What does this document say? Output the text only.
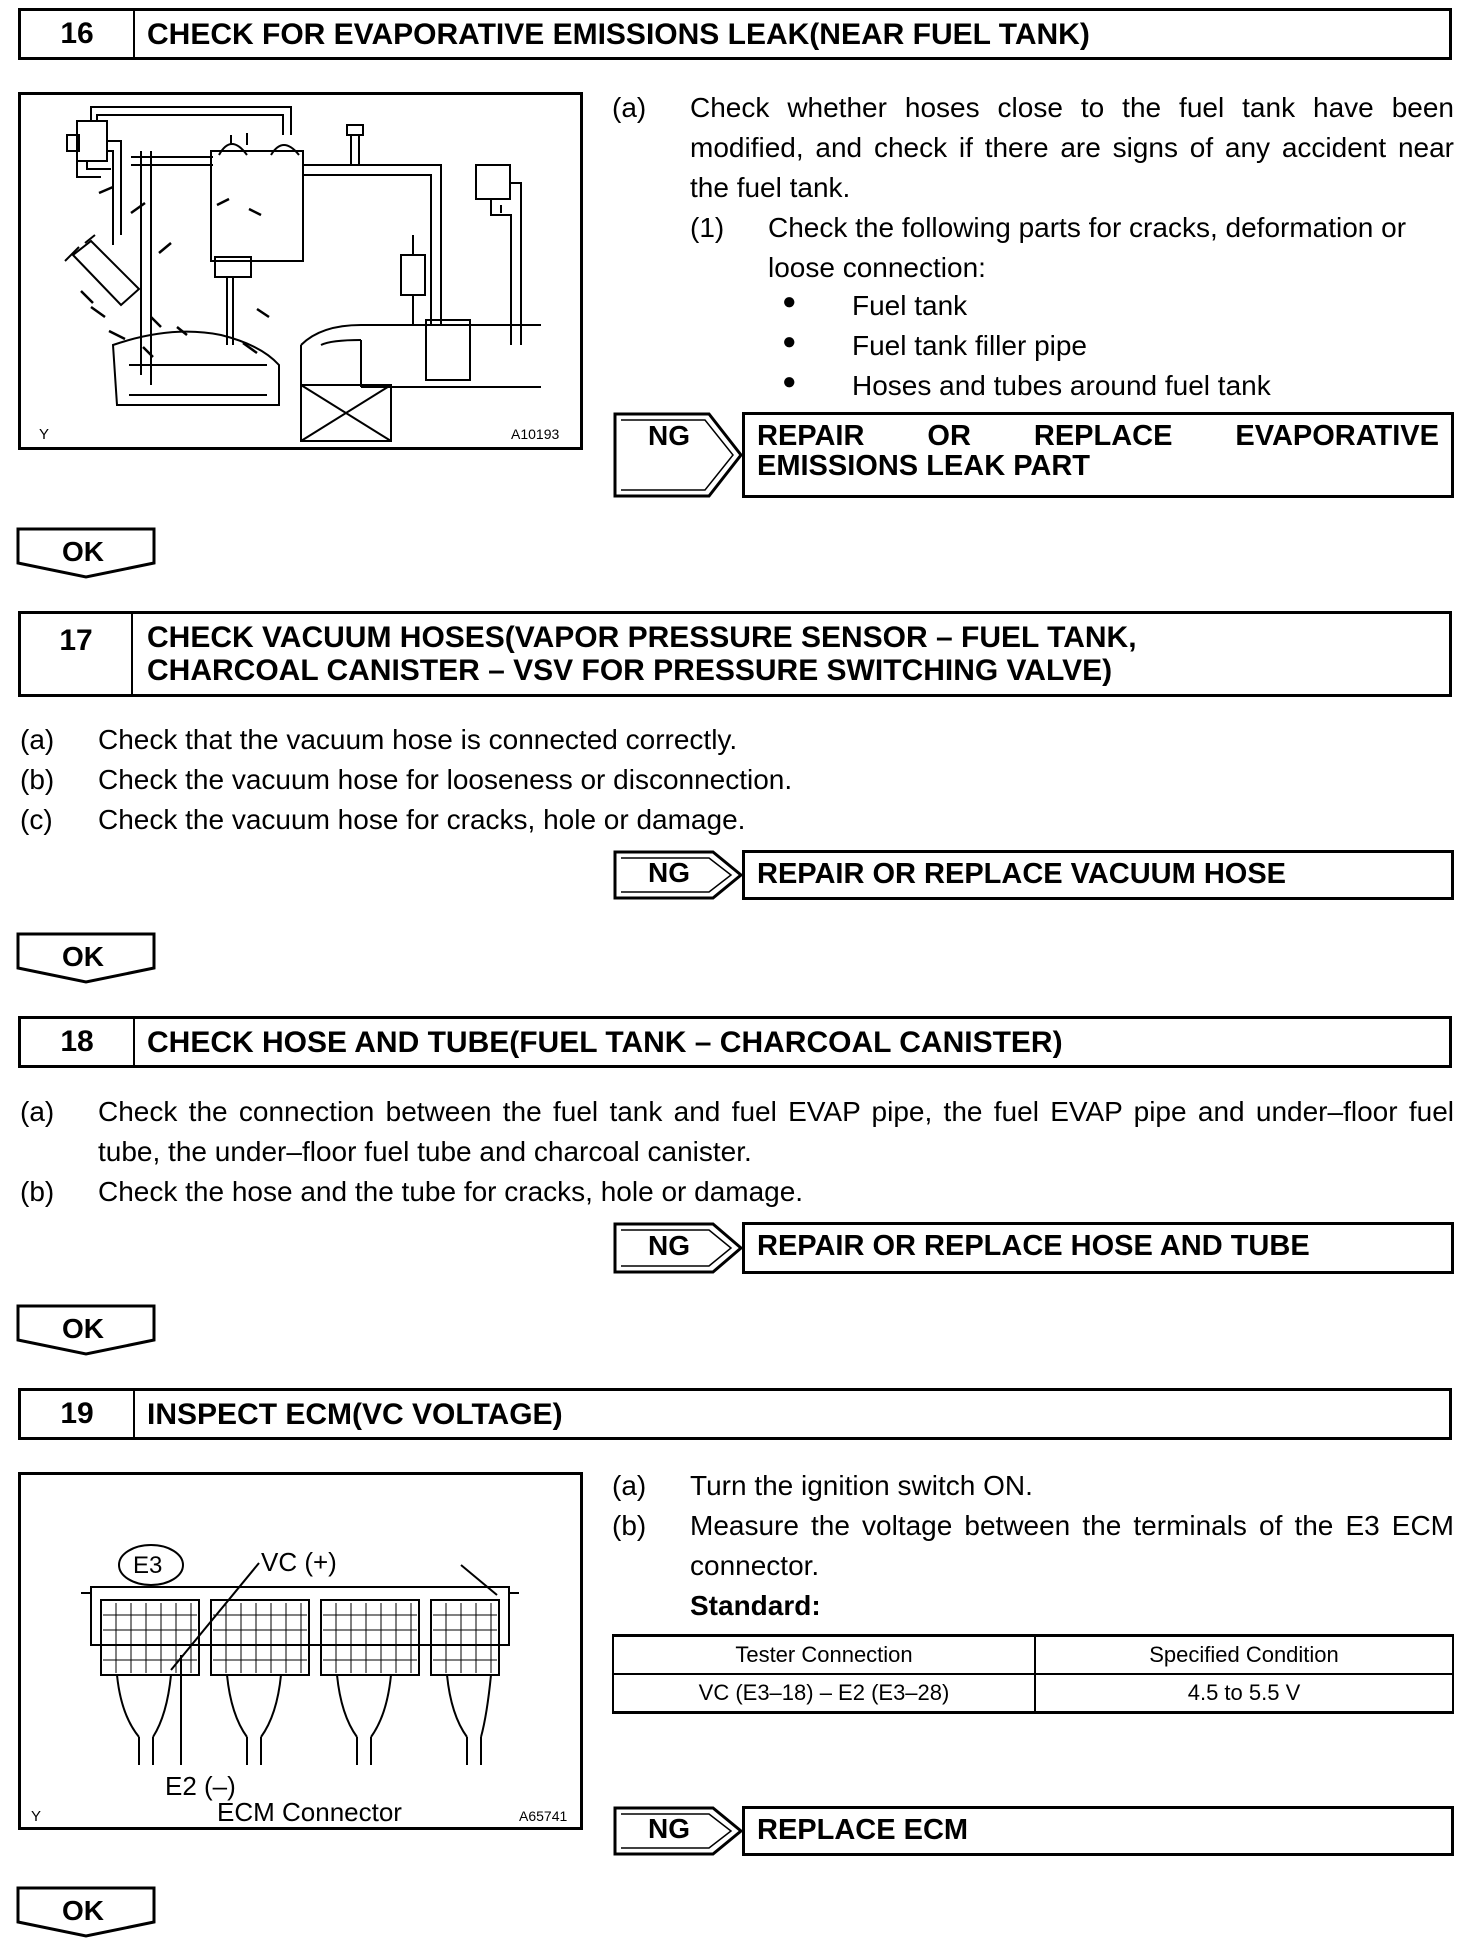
16	CHECK FOR EVAPORATIVE EMISSIONS LEAK(NEAR FUEL TANK)
Y	A10193
(a) Check whether hoses close to the fuel tank have been modified, and check if there are signs of any accident near the fuel tank.
(1) Check the following parts for cracks, deformation or loose connection:
● Fuel tank
● Fuel tank filler pipe
● Hoses and tubes around fuel tank
NG	REPAIR OR REPLACE EVAPORATIVE EMISSIONS LEAK PART
OK
17	CHECK VACUUM HOSES(VAPOR PRESSURE SENSOR – FUEL TANK,
CHARCOAL CANISTER – VSV FOR PRESSURE SWITCHING VALVE)
(a) Check that the vacuum hose is connected correctly.
(b) Check the vacuum hose for looseness or disconnection.
(c) Check the vacuum hose for cracks, hole or damage.
NG	REPAIR OR REPLACE VACUUM HOSE
OK
18	CHECK HOSE AND TUBE(FUEL TANK – CHARCOAL CANISTER)
(a) Check the connection between the fuel tank and fuel EVAP pipe, the fuel EVAP pipe and under–floor fuel tube, the under–floor fuel tube and charcoal canister.
(b) Check the hose and the tube for cracks, hole or damage.
NG	REPAIR OR REPLACE HOSE AND TUBE
OK
19	INSPECT ECM(VC VOLTAGE)
E3	VC (+)
E2 (–)
ECM Connector
Y	A65741
(a) Turn the ignition switch ON.
(b) Measure the voltage between the terminals of the E3 ECM connector.
Standard:
Tester Connection	Specified Condition
VC (E3–18) – E2 (E3–28)	4.5 to 5.5 V
NG	REPLACE ECM
OK
